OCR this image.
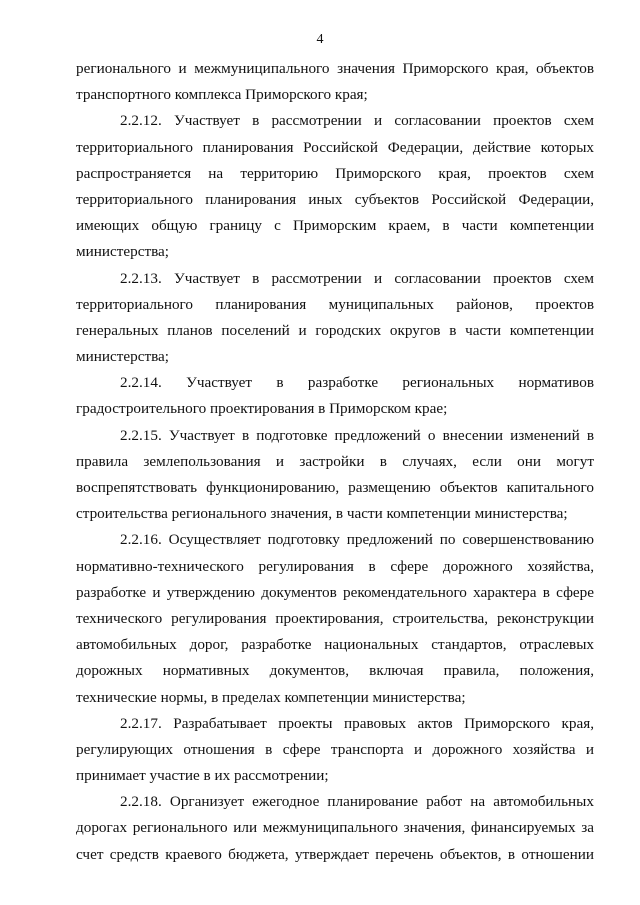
4
регионального и межмуниципального значения Приморского края, объектов
транспортного комплекса Приморского края;
2.2.12. Участвует в рассмотрении и согласовании проектов схем
территориального планирования Российской Федерации, действие которых
распространяется на территорию Приморского края, проектов схем
территориального планирования иных субъектов Российской Федерации,
имеющих общую границу с Приморским краем, в части компетенции
министерства;
2.2.13. Участвует в рассмотрении и согласовании проектов схем
территориального планирования муниципальных районов, проектов
генеральных планов поселений и городских округов в части компетенции
министерства;
2.2.14. Участвует в разработке региональных нормативов
градостроительного проектирования в Приморском крае;
2.2.15. Участвует в подготовке предложений о внесении изменений в
правила землепользования и застройки в случаях, если они могут
воспрепятствовать функционированию, размещению объектов капитального
строительства регионального значения, в части компетенции министерства;
2.2.16. Осуществляет подготовку предложений по совершенствованию
нормативно-технического регулирования в сфере дорожного хозяйства,
разработке и утверждению документов рекомендательного характера в сфере
технического регулирования проектирования, строительства, реконструкции
автомобильных дорог, разработке национальных стандартов, отраслевых
дорожных нормативных документов, включая правила, положения,
технические нормы, в пределах компетенции министерства;
2.2.17. Разрабатывает проекты правовых актов Приморского края,
регулирующих отношения в сфере транспорта и дорожного хозяйства и
принимает участие в их рассмотрении;
2.2.18. Организует ежегодное планирование работ на автомобильных
дорогах регионального или межмуниципального значения, финансируемых за
счет средств краевого бюджета, утверждает перечень объектов, в отношении
